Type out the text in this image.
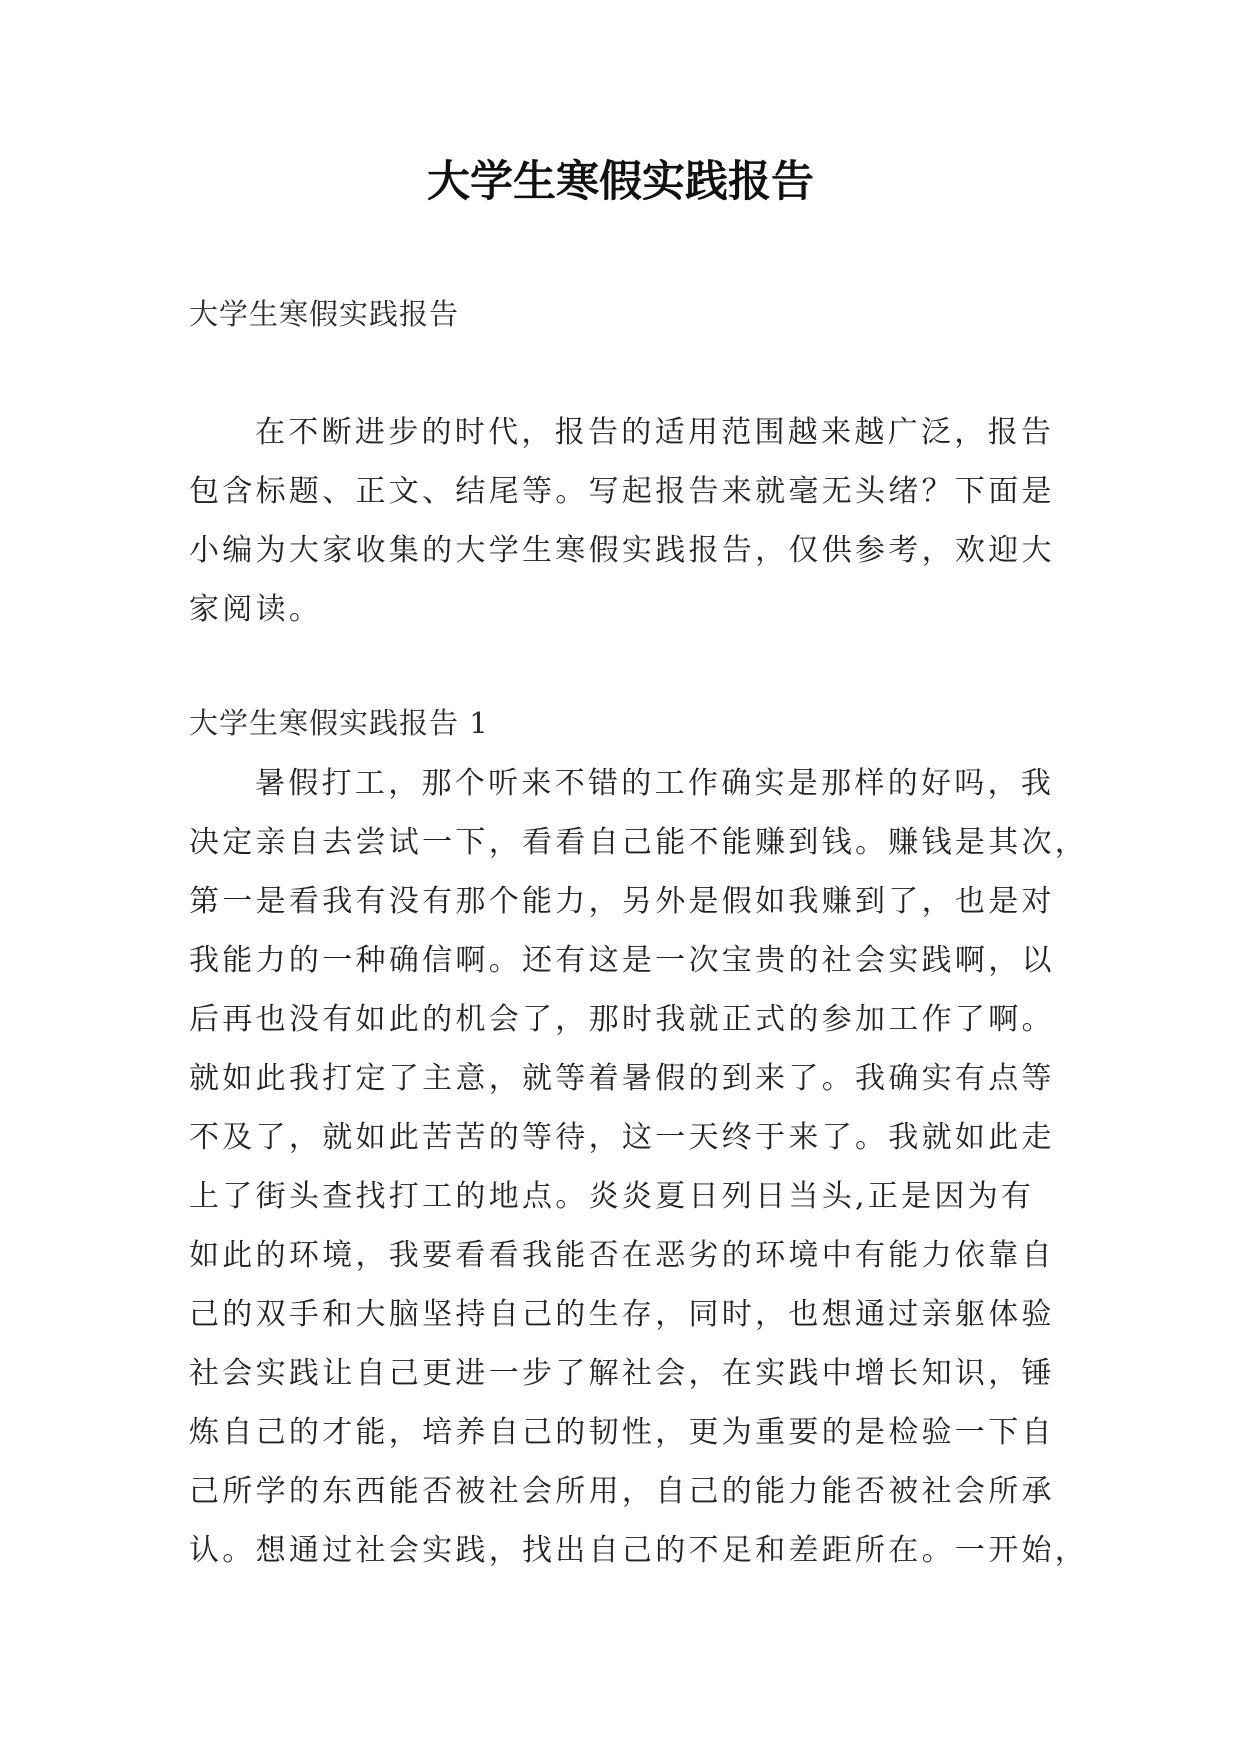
大学生寒假实践报告
大学生寒假实践报告
在不断进步的时代，报告的适用范围越来越广泛，报告
包含标题、正文、结尾等。写起报告来就毫无头绪？下面是
小编为大家收集的大学生寒假实践报告，仅供参考，欢迎大
家阅读。
大学生寒假实践报告 1
暑假打工，那个听来不错的工作确实是那样的好吗，我
决定亲自去尝试一下，看看自己能不能赚到钱。赚钱是其次，
第一是看我有没有那个能力，另外是假如我赚到了，也是对
我能力的一种确信啊。还有这是一次宝贵的社会实践啊，以
后再也没有如此的机会了，那时我就正式的参加工作了啊。
就如此我打定了主意，就等着暑假的到来了。我确实有点等
不及了，就如此苦苦的等待，这一天终于来了。我就如此走
上了街头查找打工的地点。炎炎夏日列日当头,正是因为有
如此的环境，我要看看我能否在恶劣的环境中有能力依靠自
己的双手和大脑坚持自己的生存，同时，也想通过亲躯体验
社会实践让自己更进一步了解社会，在实践中增长知识，锤
炼自己的才能，培养自己的韧性，更为重要的是检验一下自
己所学的东西能否被社会所用，自己的能力能否被社会所承
认。想通过社会实践，找出自己的不足和差距所在。一开始，
